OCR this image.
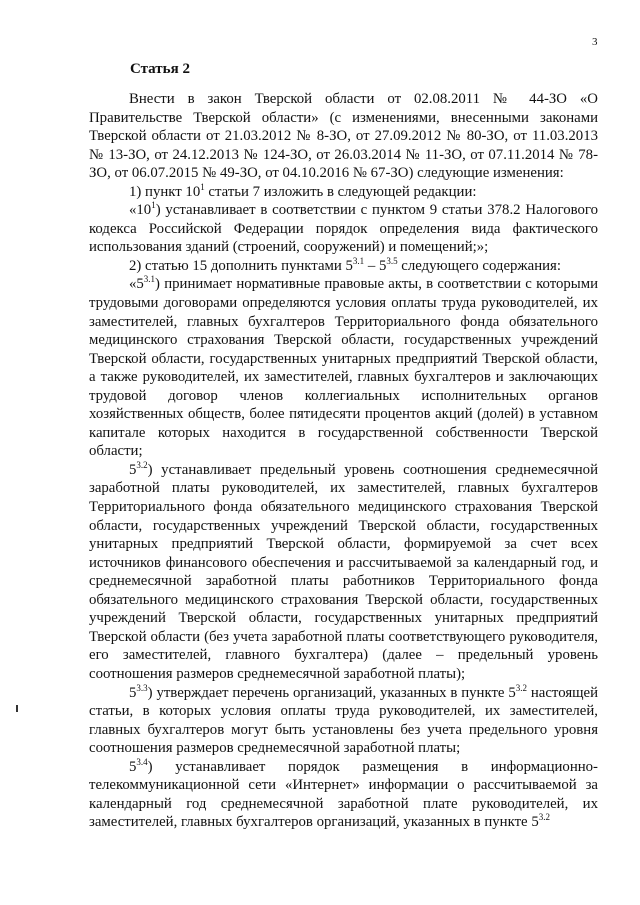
3
Статья 2

Внести в закон Тверской области от 02.08.2011 № 44-ЗО «О Правительстве Тверской области» (с изменениями, внесенными законами Тверской области от 21.03.2012 № 8-ЗО, от 27.09.2012 № 80-ЗО, от 11.03.2013 № 13-ЗО, от 24.12.2013 № 124-ЗО, от 26.03.2014 № 11-ЗО, от 07.11.2014 № 78-ЗО, от 06.07.2015 № 49-ЗО, от 04.10.2016 № 67-ЗО) следующие изменения:

1) пункт $10^1$ статьи 7 изложить в следующей редакции:

«$10^1$) устанавливает в соответствии с пунктом 9 статьи 378.2 Налогового кодекса Российской Федерации порядок определения вида фактического использования зданий (строений, сооружений) и помещений;»;

2) статью 15 дополнить пунктами $5^{3.1} - 5^{3.5}$ следующего содержания:

«$5^{3.1}$) принимает нормативные правовые акты, в соответствии с которыми трудовыми договорами определяются условия оплаты труда руководителей, их заместителей, главных бухгалтеров Территориального фонда обязательного медицинского страхования Тверской области, государственных учреждений Тверской области, государственных унитарных предприятий Тверской области, а также руководителей, их заместителей, главных бухгалтеров и заключающих трудовой договор членов коллегиальных исполнительных органов хозяйственных обществ, более пятидесяти процентов акций (долей) в уставном капитале которых находится в государственной собственности Тверской области;

$5^{3.2}$) устанавливает предельный уровень соотношения среднемесячной заработной платы руководителей, их заместителей, главных бухгалтеров Территориального фонда обязательного медицинского страхования Тверской области, государственных учреждений Тверской области, государственных унитарных предприятий Тверской области, формируемой за счет всех источников финансового обеспечения и рассчитываемой за календарный год, и среднемесячной заработной платы работников Территориального фонда обязательного медицинского страхования Тверской области, государственных учреждений Тверской области, государственных унитарных предприятий Тверской области (без учета заработной платы соответствующего руководителя, его заместителей, главного бухгалтера) (далее – предельный уровень соотношения размеров среднемесячной заработной платы);

$5^{3.3}$) утверждает перечень организаций, указанных в пункте $5^{3.2}$ настоящей статьи, в которых условия оплаты труда руководителей, их заместителей, главных бухгалтеров могут быть установлены без учета предельного уровня соотношения размеров среднемесячной заработной платы;

$5^{3.4}$) устанавливает порядок размещения в информационно-телекоммуникационной сети «Интернет» информации о рассчитываемой за календарный год среднемесячной заработной плате руководителей, их заместителей, главных бухгалтеров организаций, указанных в пункте $5^{3.2}$
